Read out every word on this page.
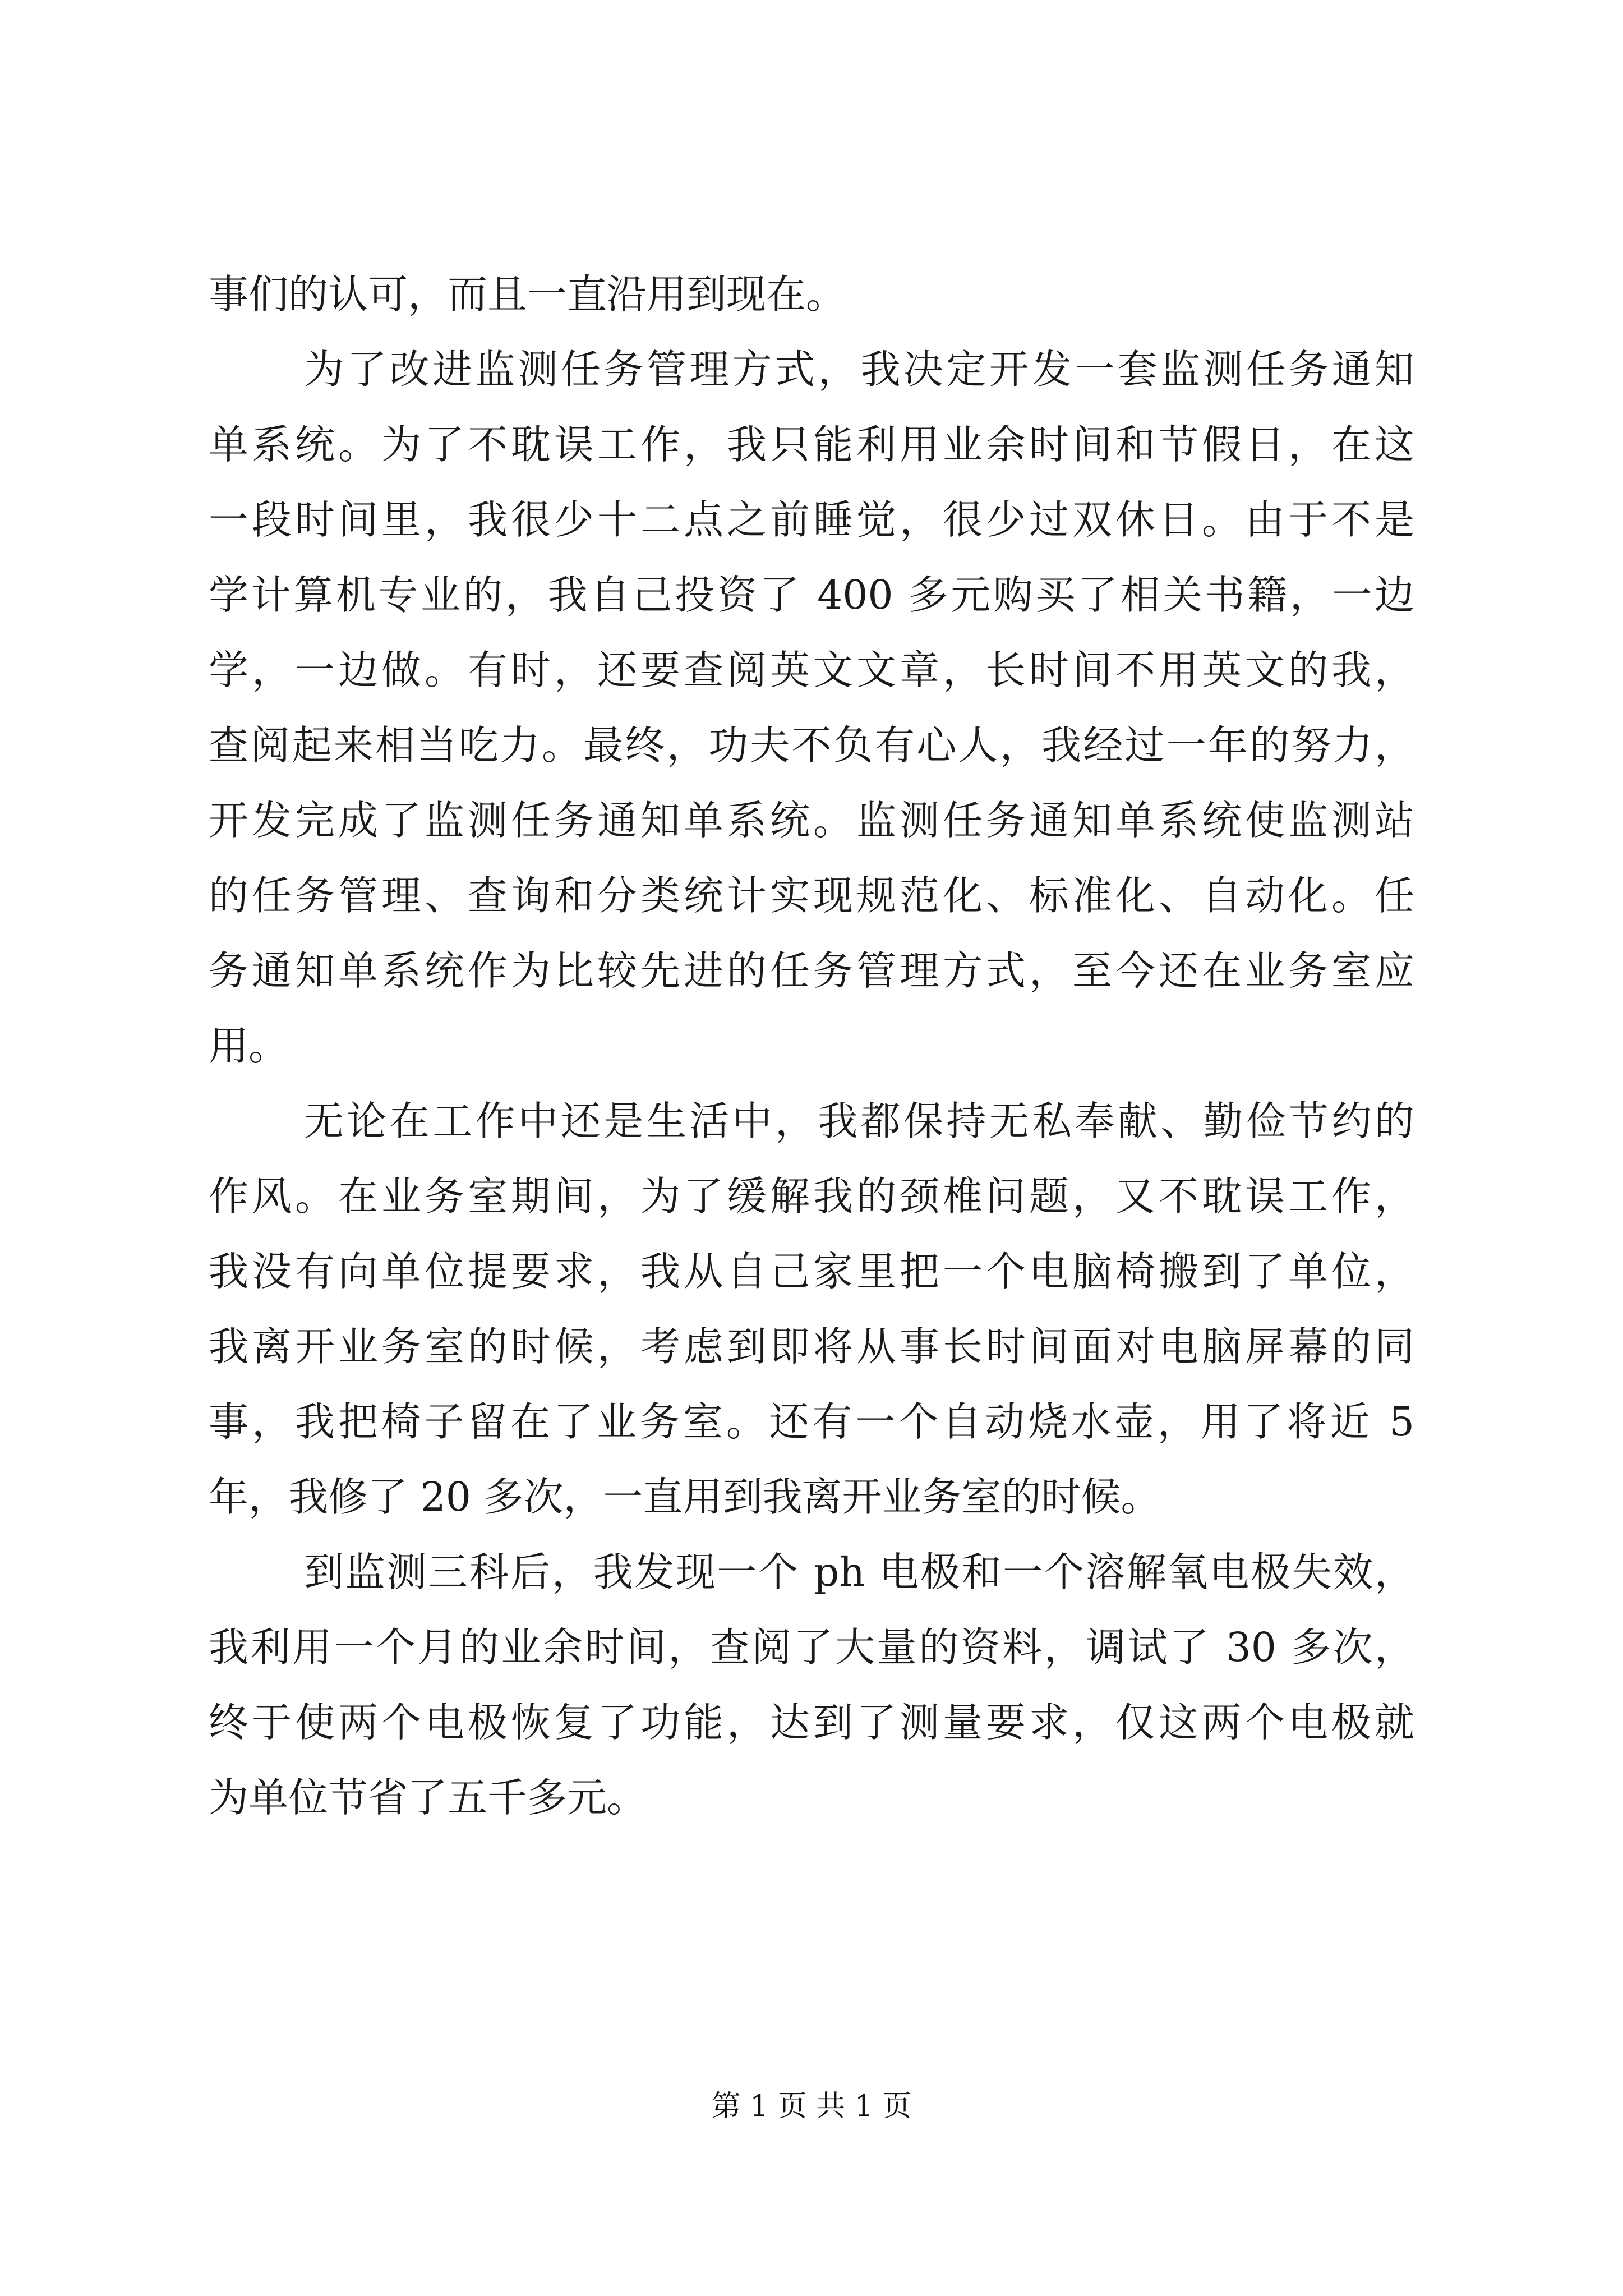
事们的认可，而且一直沿用到现在。
为了改进监测任务管理方式，我决定开发一套监测任务通知
单系统。为了不耽误工作，我只能利用业余时间和节假日，在这
一段时间里，我很少十二点之前睡觉，很少过双休日。由于不是
学计算机专业的，我自己投资了 400 多元购买了相关书籍，一边
学，一边做。有时，还要查阅英文文章，长时间不用英文的我，
查阅起来相当吃力。最终，功夫不负有心人，我经过一年的努力，
开发完成了监测任务通知单系统。监测任务通知单系统使监测站
的任务管理、查询和分类统计实现规范化、标准化、自动化。任
务通知单系统作为比较先进的任务管理方式，至今还在业务室应
用。
无论在工作中还是生活中，我都保持无私奉献、勤俭节约的
作风。在业务室期间，为了缓解我的颈椎问题，又不耽误工作，
我没有向单位提要求，我从自己家里把一个电脑椅搬到了单位，
我离开业务室的时候，考虑到即将从事长时间面对电脑屏幕的同
事，我把椅子留在了业务室。还有一个自动烧水壶，用了将近 5
年，我修了 20 多次，一直用到我离开业务室的时候。
到监测三科后，我发现一个 ph 电极和一个溶解氧电极失效，
我利用一个月的业余时间，查阅了大量的资料，调试了 30 多次，
终于使两个电极恢复了功能，达到了测量要求，仅这两个电极就
为单位节省了五千多元。
第 1 页 共 1 页
